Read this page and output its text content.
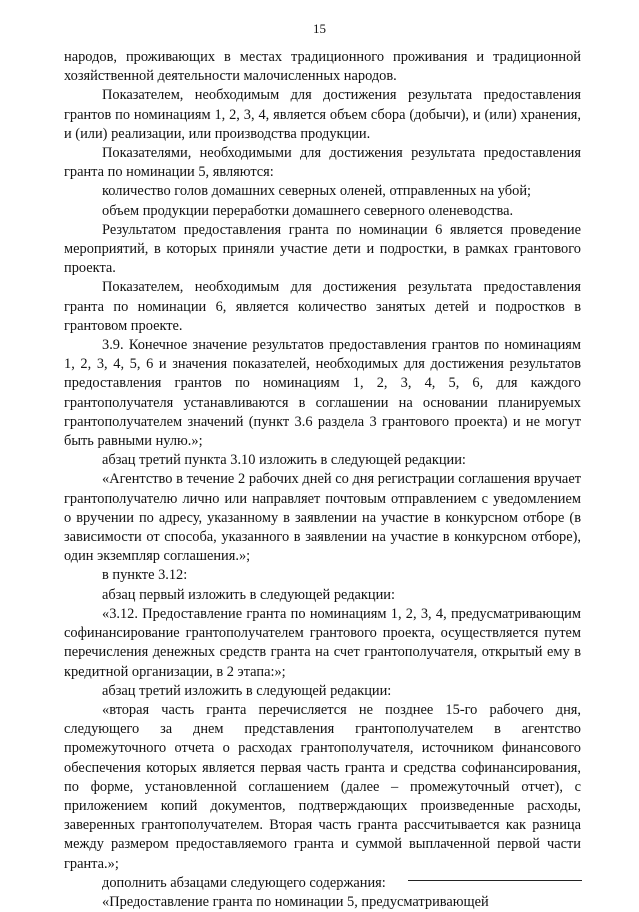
15

народов, проживающих в местах традиционного проживания и традиционной хозяйственной деятельности малочисленных народов.

Показателем, необходимым для достижения результата предоставления грантов по номинациям 1, 2, 3, 4, является объем сбора (добычи), и (или) хранения, и (или) реализации, или производства продукции.

Показателями, необходимыми для достижения результата предоставления гранта по номинации 5, являются:

количество голов домашних северных оленей, отправленных на убой;

объем продукции переработки домашнего северного оленеводства.

Результатом предоставления гранта по номинации 6 является проведение мероприятий, в которых приняли участие дети и подростки, в рамках грантового проекта.

Показателем, необходимым для достижения результата предоставления гранта по номинации 6, является количество занятых детей и подростков в грантовом проекте.

3.9. Конечное значение результатов предоставления грантов по номинациям 1, 2, 3, 4, 5, 6 и значения показателей, необходимых для достижения результатов предоставления грантов по номинациям 1, 2, 3, 4, 5, 6, для каждого грантополучателя устанавливаются в соглашении на основании планируемых грантополучателем значений (пункт 3.6 раздела 3 грантового проекта) и не могут быть равными нулю.»;

абзац третий пункта 3.10 изложить в следующей редакции:

«Агентство в течение 2 рабочих дней со дня регистрации соглашения вручает грантополучателю лично или направляет почтовым отправлением с уведомлением о вручении по адресу, указанному в заявлении на участие в конкурсном отборе (в зависимости от способа, указанного в заявлении на участие в конкурсном отборе), один экземпляр соглашения.»;

в пункте 3.12:

абзац первый изложить в следующей редакции:

«3.12. Предоставление гранта по номинациям 1, 2, 3, 4, предусматривающим софинансирование грантополучателем грантового проекта, осуществляется путем перечисления денежных средств гранта на счет грантополучателя, открытый ему в кредитной организации, в 2 этапа:»;

абзац третий изложить в следующей редакции:

«вторая часть гранта перечисляется не позднее 15-го рабочего дня, следующего за днем представления грантополучателем в агентство промежуточного отчета о расходах грантополучателя, источником финансового обеспечения которых является первая часть гранта и средства софинансирования, по форме, установленной соглашением (далее – промежуточный отчет), с приложением копий документов, подтверждающих произведенные расходы, заверенных грантополучателем. Вторая часть гранта рассчитывается как разница между размером предоставляемого гранта и суммой выплаченной первой части гранта.»;

дополнить абзацами следующего содержания:

«Предоставление гранта по номинации 5, предусматривающей
